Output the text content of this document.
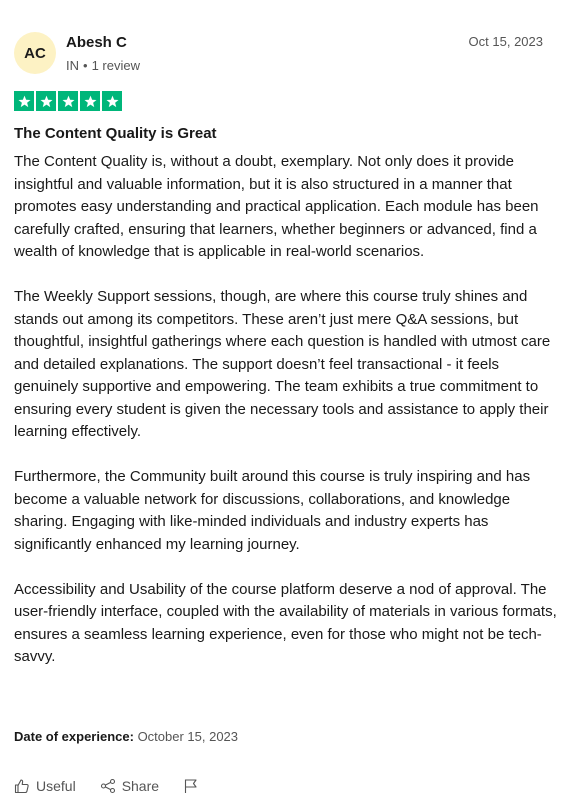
AC
Abesh C
IN • 1 review
Oct 15, 2023
The Content Quality is Great

The Content Quality is, without a doubt, exemplary. Not only does it provide insightful and valuable information, but it is also structured in a manner that promotes easy understanding and practical application. Each module has been carefully crafted, ensuring that learners, whether beginners or advanced, find a wealth of knowledge that is applicable in real-world scenarios.

The Weekly Support sessions, though, are where this course truly shines and stands out among its competitors. These aren’t just mere Q&A sessions, but thoughtful, insightful gatherings where each question is handled with utmost care and detailed explanations. The support doesn’t feel transactional - it feels genuinely supportive and empowering. The team exhibits a true commitment to ensuring every student is given the necessary tools and assistance to apply their learning effectively.

Furthermore, the Community built around this course is truly inspiring and has become a valuable network for discussions, collaborations, and knowledge sharing. Engaging with like-minded individuals and industry experts has significantly enhanced my learning journey.

Accessibility and Usability of the course platform deserve a nod of approval. The user-friendly interface, coupled with the availability of materials in various formats, ensures a seamless learning experience, even for those who might not be tech-savvy.

Date of experience: October 15, 2023
Useful	Share
